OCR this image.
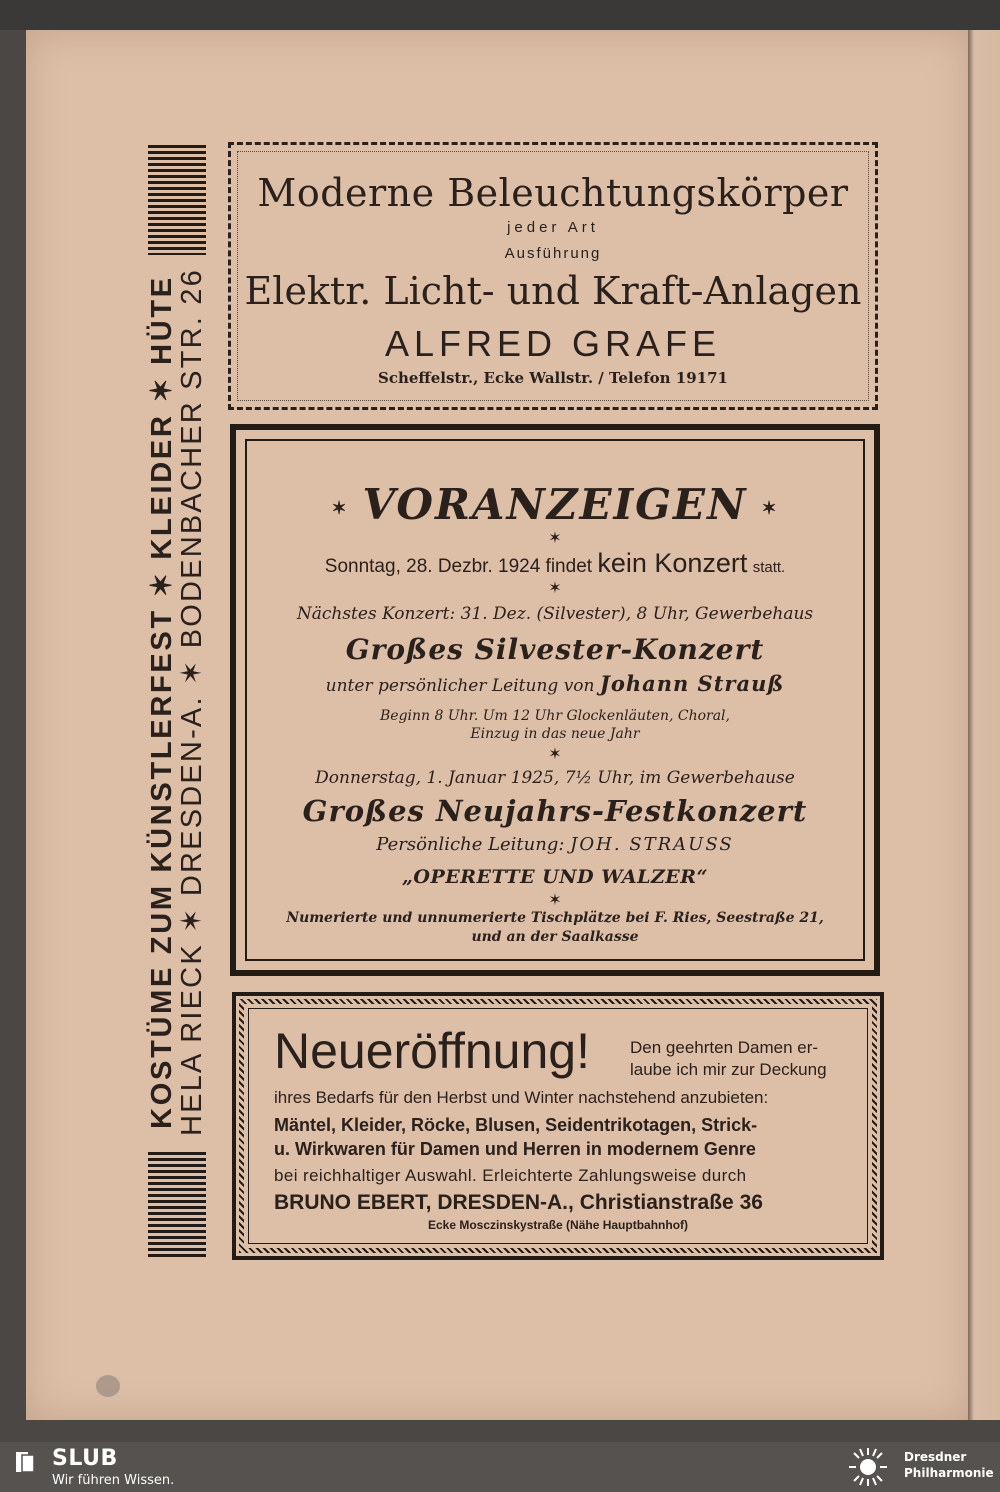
KOSTÜME ZUM KÜNSTLERFEST ✶ KLEIDER ✶ HÜTE
HELA RIECK ✶ DRESDEN-A. ✶ BODENBACHER STR. 26
Moderne Beleuchtungskörper
jeder Art
Ausführung
Elektr. Licht- und Kraft-Anlagen
ALFRED GRAFE
Scheffelstr., Ecke Wallstr. / Telefon 19171
✶ VORANZEIGEN ✶
✶
Sonntag, 28. Dezbr. 1924 findet kein Konzert statt.
✶
Nächstes Konzert: 31. Dez. (Silvester), 8 Uhr, Gewerbehaus
Großes Silvester-Konzert
unter persönlicher Leitung von Johann Strauß
Beginn 8 Uhr. Um 12 Uhr Glockenläuten, Choral,
Einzug in das neue Jahr
✶
Donnerstag, 1. Januar 1925, 7½ Uhr, im Gewerbehause
Großes Neujahrs-Festkonzert
Persönliche Leitung: JOH. STRAUSS
„OPERETTE UND WALZER“
✶
Numerierte und unnumerierte Tischplätze bei F. Ries, Seestraße 21,
und an der Saalkasse
Neueröffnung! Den geehrten Damen er-
laube ich mir zur Deckung
ihres Bedarfs für den Herbst und Winter nachstehend anzubieten:
Mäntel, Kleider, Röcke, Blusen, Seidentrikotagen, Strick-
u. Wirkwaren für Damen und Herren in modernem Genre
bei reichhaltiger Auswahl. Erleichterte Zahlungsweise durch
BRUNO EBERT, DRESDEN-A., Christianstraße 36
Ecke Mosczinskystraße (Nähe Hauptbahnhof)
SLUB
Wir führen Wissen.
Dresdner
Philharmonie
